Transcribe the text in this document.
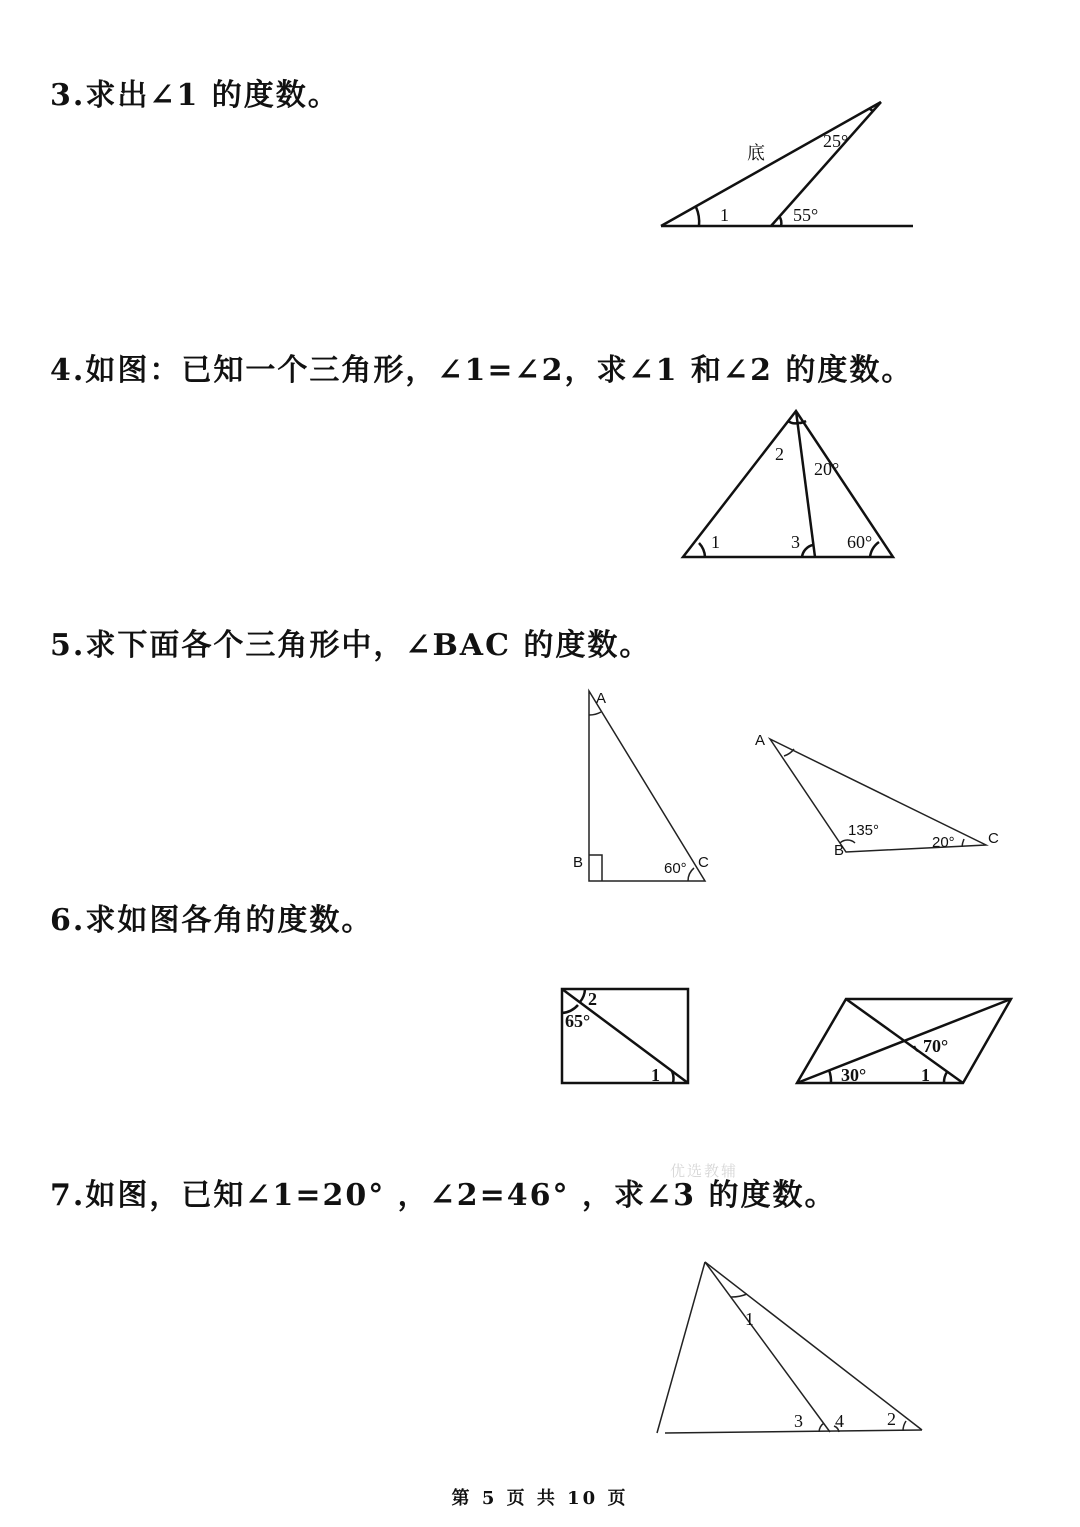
3.求出∠1 的度数。
底
25°
55°
1
4.如图：已知一个三角形，∠1=∠2，求∠1 和∠2 的度数。
2
20°
1	3	60°
5.求下面各个三角形中，∠BAC 的度数。
A
B	C
60°
A
B
C
135°
20°
6.求如图各角的度数。
2
65°
1
70°
30°	1
7.如图，已知∠1=20° ，∠2=46° ，求∠3 的度数。
优选教辅
1
3 4 2
第 5 页 共 10 页
